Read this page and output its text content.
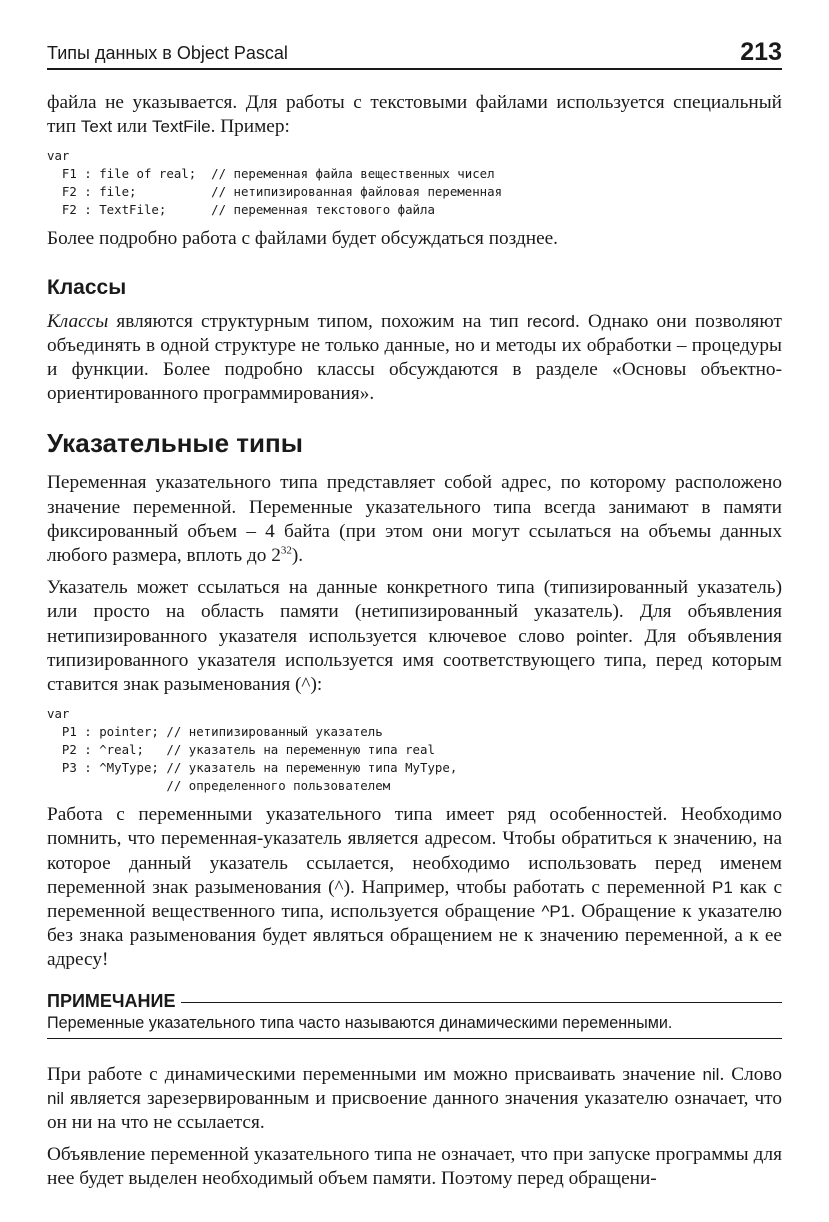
Типы данных в Object Pascal	213

файла не указывается. Для работы с текстовыми файлами используется специальный тип Text или TextFile. Пример:

var
F1 : file of real;  // переменная файла вещественных чисел
F2 : file;          // нетипизированная файловая переменная
F2 : TextFile;      // переменная текстового файла

Более подробно работа с файлами будет обсуждаться позднее.

Классы

Классы являются структурным типом, похожим на тип record. Однако они позволяют объединять в одной структуре не только данные, но и методы их обработки – процедуры и функции. Более подробно классы обсуждаются в разделе «Основы объектно-ориентированного программирования».

Указательные типы

Переменная указательного типа представляет собой адрес, по которому расположено значение переменной. Переменные указательного типа всегда занимают в памяти фиксированный объем – 4 байта (при этом они могут ссылаться на объемы данных любого размера, вплоть до $2^{32}$).

Указатель может ссылаться на данные конкретного типа (типизированный указатель) или просто на область памяти (нетипизированный указатель). Для объявления нетипизированного указателя используется ключевое слово pointer. Для объявления типизированного указателя используется имя соответствующего типа, перед которым ставится знак разыменования (^):

var
P1 : pointer; // нетипизированный указатель
P2 : ^real;   // указатель на переменную типа real
P3 : ^MyType; // указатель на переменную типа MyType,
// определенного пользователем

Работа с переменными указательного типа имеет ряд особенностей. Необходимо помнить, что переменная-указатель является адресом. Чтобы обратиться к значению, на которое данный указатель ссылается, необходимо использовать перед именем переменной знак разыменования (^). Например, чтобы работать с переменной P1 как с переменной вещественного типа, используется обращение ^P1. Обращение к указателю без знака разыменования будет являться обращением не к значению переменной, а к ее адресу!

ПРИМЕЧАНИЕ
Переменные указательного типа часто называются динамическими переменными.

При работе с динамическими переменными им можно присваивать значение nil. Слово nil является зарезервированным и присвоение данного значения указателю означает, что он ни на что не ссылается.

Объявление переменной указательного типа не означает, что при запуске программы для нее будет выделен необходимый объем памяти. Поэтому перед обращени-
